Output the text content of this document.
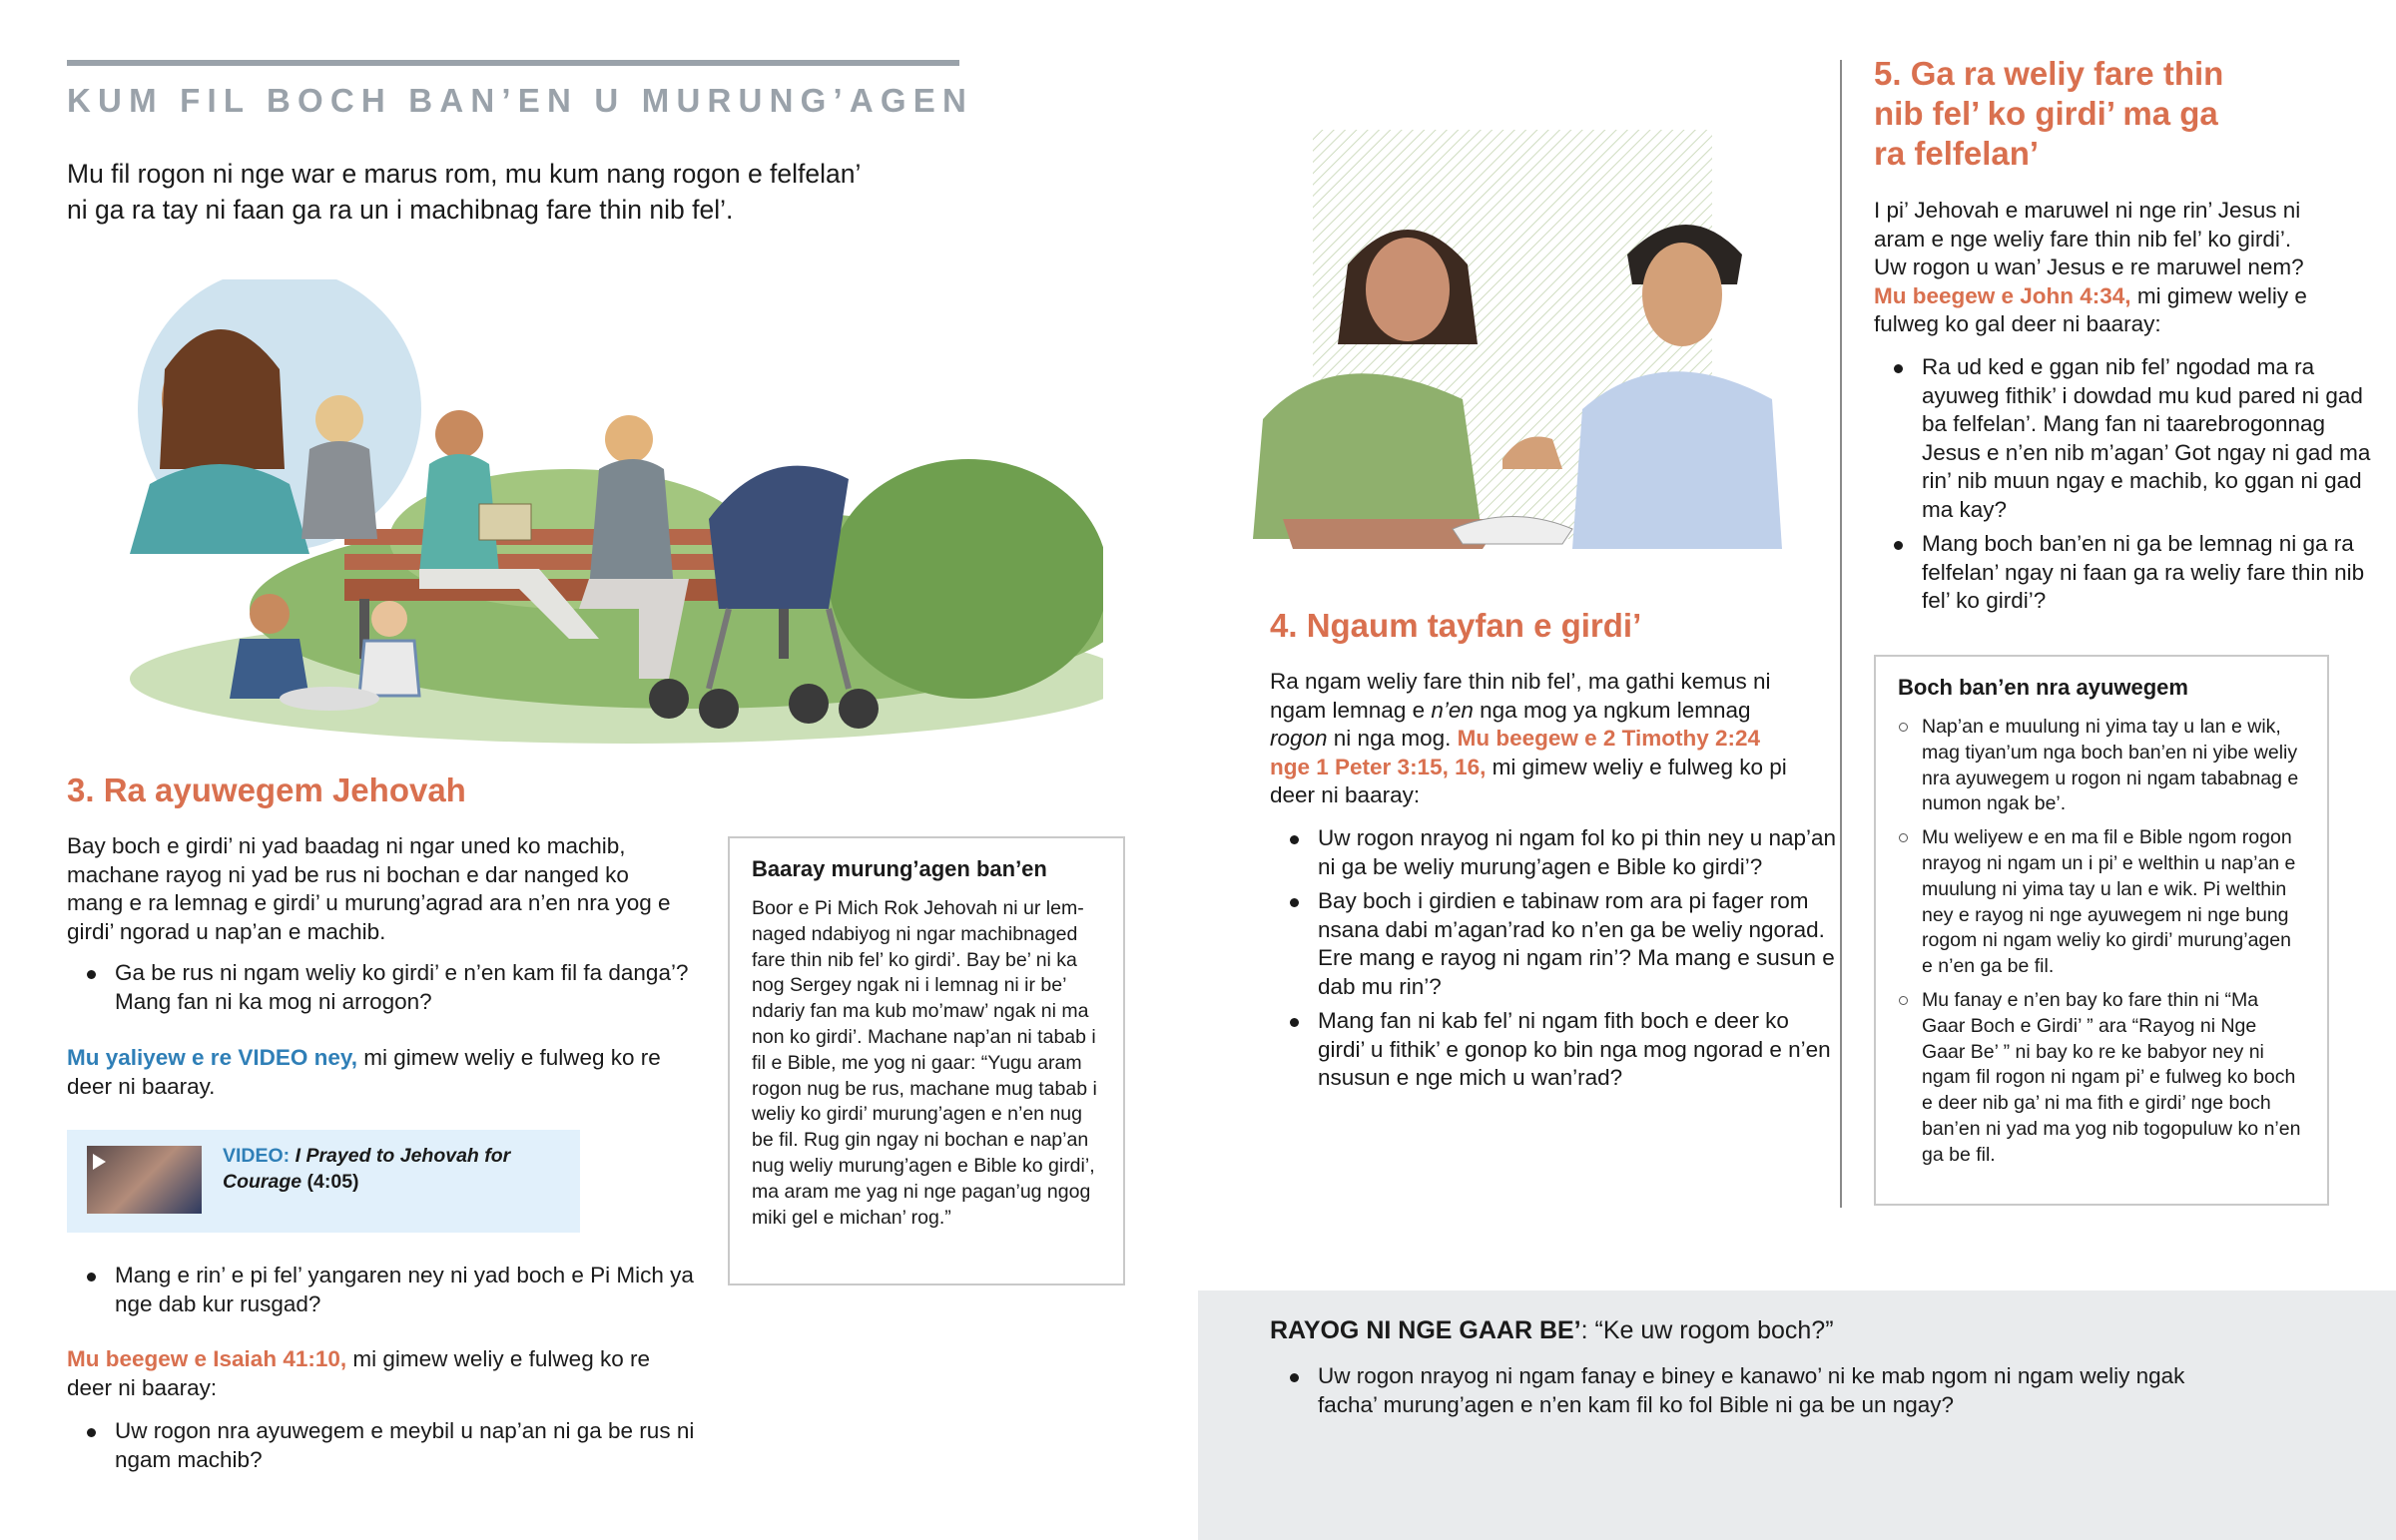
KUM FIL BOCH BAN’EN U MURUNG’AGEN

Mu fil rogon ni nge war e marus rom, mu kum nang rogon e felfelan’
ni ga ra tay ni faan ga ra un i machibnag fare thin nib fel’.

3. Ra ayuwegem Jehovah

Bay boch e girdi’ ni yad baadag ni ngar uned ko machib, machane rayog ni yad be rus ni bochan e dar nanged ko mang e ra lemnag e girdi’ u murung’agrad ara n’en nra yog e girdi’ ngorad u nap’an e machib.

Ga be rus ni ngam weliy ko girdi’ e n’en kam fil fa danga’? Mang fan ni ka mog ni arrogon?

Mu yaliyew e re VIDEO ney, mi gimew weliy e fulweg ko re deer ni baaray.

VIDEO: I Prayed to Jehovah for Courage (4:05)
Mang e rin’ e pi fel’ yangaren ney ni yad boch e Pi Mich ya nge dab kur rusgad?

Mu beegew e Isaiah 41:10, mi gimew weliy e fulweg ko re deer ni baaray:

Uw rogon nra ayuwegem e meybil u nap’an ni ga be rus ni ngam machib?
Baaray murung’agen ban’en

Boor e Pi Mich Rok Jehovah ni ur lemnaged ndabiyog ni ngar machibnaged fare thin nib fel’ ko girdi’. Bay be’ ni ka nog Sergey ngak ni i lemnag ni ir be’ ndariy fan ma kub mo’maw’ ngak ni ma non ko girdi’. Machane nap’an ni tabab i fil e Bible, me yog ni gaar: “Yugu aram rogon nug be rus, machane mug tabab i weliy ko girdi’ murung’agen e n’en nug be fil. Rug gin ngay ni bochan e nap’an nug weliy murung’agen e Bible ko girdi’, ma aram me yag ni nge pagan’ug ngog miki gel e michan’ rog.”

4. Ngaum tayfan e girdi’

Ra ngam weliy fare thin nib fel’, ma gathi kemus ni ngam lemnag e n’en nga mog ya ngkum lemnag rogon ni nga mog. Mu beegew e 2 Timothy 2:24 nge 1 Peter 3:15, 16, mi gimew weliy e fulweg ko pi deer ni baaray:

Uw rogon nrayog ni ngam fol ko pi thin ney u nap’an ni ga be weliy murung’agen e Bible ko girdi’?
Bay boch i girdien e tabinaw rom ara pi fager rom nsana dabi m’agan’rad ko n’en ga be weliy ngorad. Ere mang e rayog ni ngam rin’? Ma mang e susun e dab mu rin’?
Mang fan ni kab fel’ ni ngam fith boch e deer ko girdi’ u fithik’ e gonop ko bin nga mog ngorad e n’en nsusun e nge mich u wan’rad?
5. Ga ra weliy fare thin
nib fel’ ko girdi’ ma ga
ra felfelan’

I pi’ Jehovah e maruwel ni nge rin’ Jesus ni aram e nge weliy fare thin nib fel’ ko girdi’. Uw rogon u wan’ Jesus e re maruwel nem? Mu beegew e John 4:34, mi gimew weliy e fulweg ko gal deer ni baaray:

Ra ud ked e ggan nib fel’ ngodad ma ra ayuweg fithik’ i dowdad mu kud pared ni gad ba felfelan’. Mang fan ni taarebrogonnag Jesus e n’en nib m’agan’ Got ngay ni gad ma rin’ nib muun ngay e machib, ko ggan ni gad ma kay?
Mang boch ban’en ni ga be lemnag ni ga ra felfelan’ ngay ni faan ga ra weliy fare thin nib fel’ ko girdi’?
Boch ban’en nra ayuwegem
Nap’an e muulung ni yima tay u lan e wik, mag tiyan’um nga boch ban’en ni yibe weliy nra ayuwegem u rogon ni ngam tababnag e numon ngak be’.
Mu weliyew e en ma fil e Bible ngom rogon nrayog ni ngam un i pi’ e welthin u nap’an e muulung ni yima tay u lan e wik. Pi welthin ney e rayog ni nge ayuwegem ni nge bung rogom ni ngam weliy ko girdi’ murung’agen e n’en ga be fil.
Mu fanay e n’en bay ko fare thin ni “Ma Gaar Boch e Girdi’ ” ara “Rayog ni Nge Gaar Be’ ” ni bay ko re ke babyor ney ni ngam fil rogon ni ngam pi’ e fulweg ko boch e deer nib ga’ ni ma fith e girdi’ nge boch ban’en ni yad ma yog nib togopuluw ko n’en ga be fil.

RAYOG NI NGE GAAR BE’: “Ke uw rogom boch?”

Uw rogon nrayog ni ngam fanay e biney e kanawo’ ni ke mab ngom ni ngam weliy ngak facha’ murung’agen e n’en kam fil ko fol Bible ni ga be un ngay?
